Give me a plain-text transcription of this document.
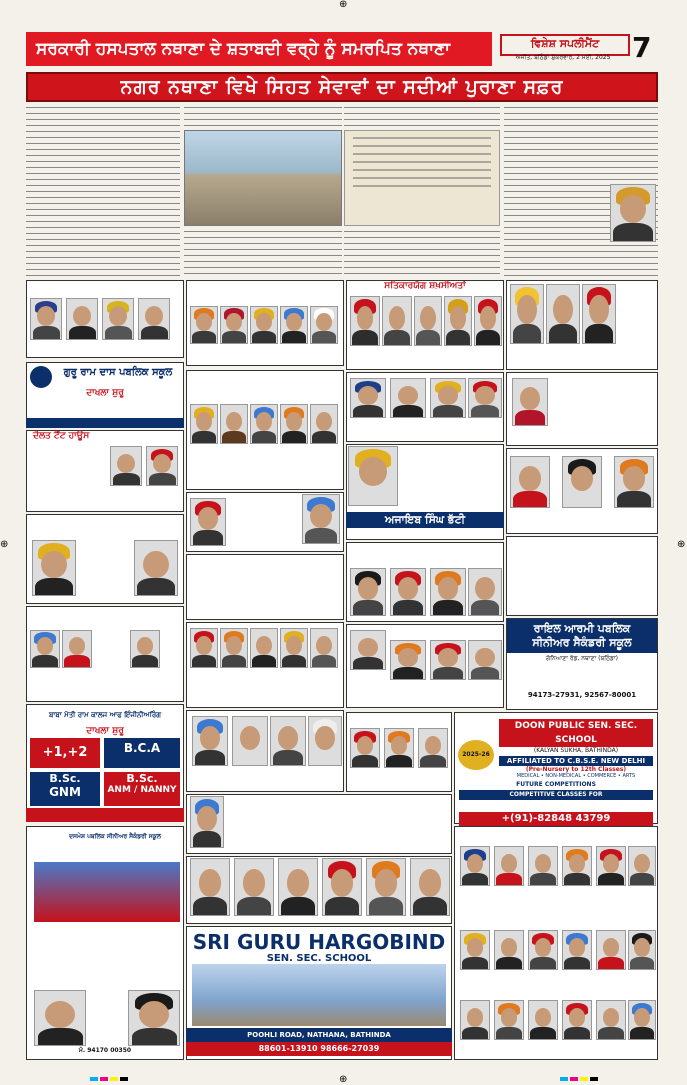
⊕
⊕	⊕
⊕
ਸਰਕਾਰੀ ਹਸਪਤਾਲ ਨਥਾਣਾ ਦੇ ਸ਼ਤਾਬਦੀ ਵਰ੍ਹੇ ਨੂੰ ਸਮਰਪਿਤ ਨਥਾਣਾ	ਵਿਸ਼ੇਸ਼ ਸਪਲੀਮੈਂਟ	7
ਅਜੀਤ, ਬਠਿੰਡਾ ਸ਼ੁੱਕਰਵਾਰ, 2 ਮਈ, 2025
ਨਗਰ ਨਥਾਣਾ ਵਿਖੇ ਸਿਹਤ ਸੇਵਾਵਾਂ ਦਾ ਸਦੀਆਂ ਪੁਰਾਣਾ ਸਫ਼ਰ
ਸਤਿਕਾਰਯੋਗ ਸ਼ਖ਼ਸੀਅਤਾਂ
ਗੁਰੂ ਰਾਮ ਦਾਸ ਪਬਲਿਕ ਸਕੂਲ
ਦਾਖਲਾ ਸ਼ੁਰੂ
ਦੌਲਤ ਟੈਂਟ ਹਾਊਸ
ਅਜਾਇਬ ਸਿੰਘ ਭੱਟੀ
ਰਾਇਲ ਆਰਮੀ ਪਬਲਿਕ
ਸੀਨੀਅਰ ਸੈਕੰਡਰੀ ਸਕੂਲ
ਗੋਨਿਆਣਾ ਰੋਡ, ਨਥਾਣਾ (ਬਠਿੰਡਾ)
94173-27931, 92567-80001
ਬਾਬਾ ਮੋਤੀ ਰਾਮ ਕਾਲਜ ਆਫ ਇੰਜੀਨੀਅਰਿੰਗ
ਦਾਖਲਾ ਸ਼ੁਰੂ
+1,+2	B.C.A
B.Sc.
GNM
B.Sc.
ANM / NANNY
DOON PUBLIC SEN. SEC. SCHOOL
(KALYAN SUKHA, BATHINDA)
AFFILIATED TO C.B.S.E. NEW DELHI
(Pre-Nursery to 12th Classes)
MEDICAL • NON-MEDICAL • COMMERCE • ARTS
FUTURE COMPETITIONS
COMPETITIVE CLASSES FOR
+(91)-82848 43799
2025-26
ਦਸਮੇਸ਼ ਪਬਲਿਕ ਸੀਨੀਅਰ ਸੈਕੰਡਰੀ ਸਕੂਲ
ਮੋ. 94170 00350
SRI GURU HARGOBIND
SEN. SEC. SCHOOL
POOHLI ROAD, NATHANA, BATHINDA
88601-13910 98666-27039
